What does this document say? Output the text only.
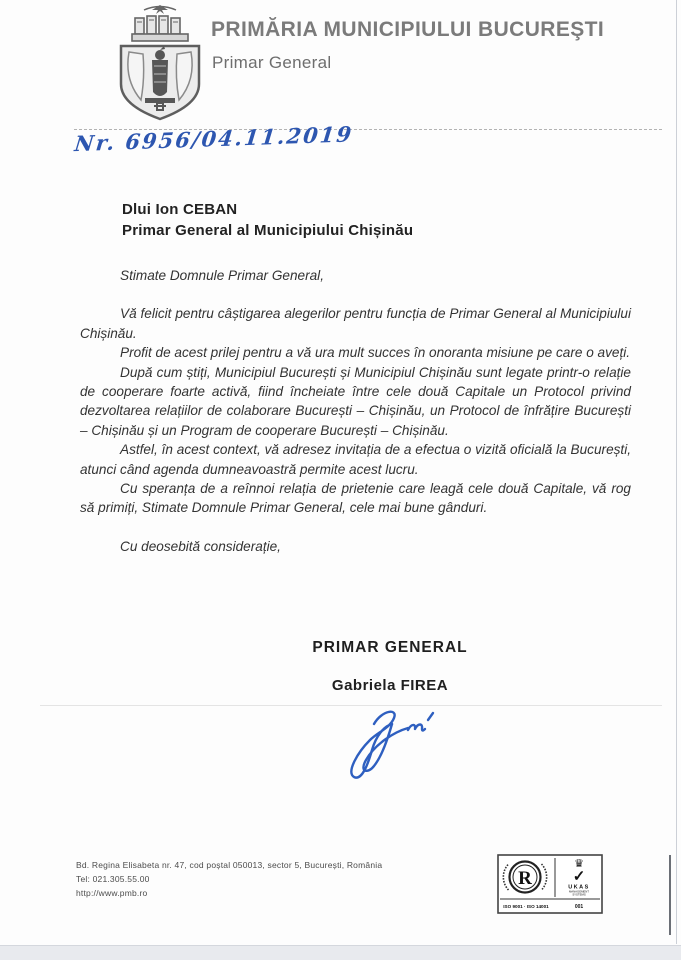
PRIMĂRIA MUNICIPIULUI BUCUREŞTI
Primar General
Nr. 6956/04.11.2019
Dlui Ion CEBAN
Primar General al Municipiului Chișinău
Stimate Domnule Primar General,

Vă felicit pentru câștigarea alegerilor pentru funcția de Primar General al Municipiului Chișinău.

Profit de acest prilej pentru a vă ura mult succes în onoranta misiune pe care o aveți.

După cum știți, Municipiul București și Municipiul Chișinău sunt legate printr-o relație de cooperare foarte activă, fiind încheiate între cele două Capitale un Protocol privind dezvoltarea relațiilor de colaborare București – Chișinău, un Protocol de înfrățire București – Chișinău și un Program de cooperare București – Chișinău.

Astfel, în acest context, vă adresez invitația de a efectua o vizită oficială la București, atunci când agenda dumneavoastră permite acest lucru.

Cu speranța de a reînnoi relația de prietenie care leagă cele două Capitale, vă rog să primiți, Stimate Domnule Primar General, cele mai bune gânduri.

Cu deosebită considerație,
PRIMAR GENERAL
Gabriela FIREA
Bd. Regina Elisabeta nr. 47, cod poștal 050013, sector 5, București, România
Tel: 021.305.55.00
http://www.pmb.ro
R
♛
✓
UKAS
MANAGEMENT
SYSTEMS
ISO 9001 · ISO 14001	001
